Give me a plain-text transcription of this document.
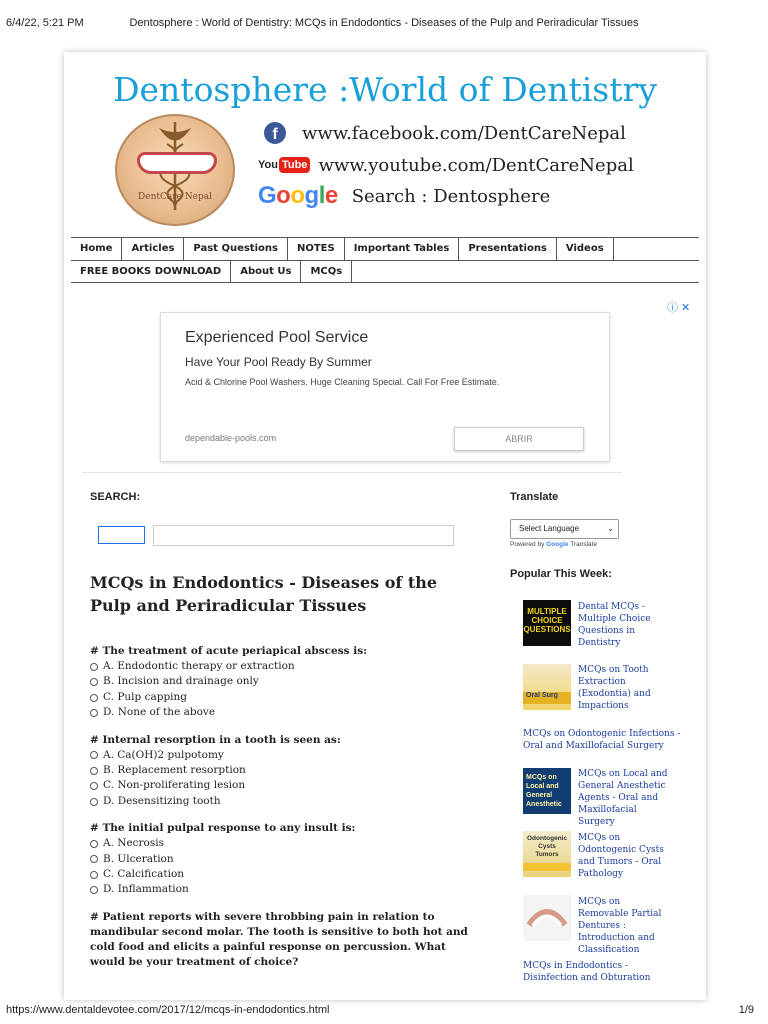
6/4/22, 5:21 PM	Dentosphere : World of Dentistry: MCQs in Endodontics - Diseases of the Pulp and Periradicular Tissues
Dentosphere :World of Dentistry
DentCare Nepal
f	www.facebook.com/DentCareNepal
You Tube www.youtube.com/DentCareNepal
Google Search : Dentosphere
Home	Articles	Past Questions	NOTES	Important Tables	Presentations	Videos
FREE BOOKS DOWNLOAD	About Us	MCQs
ⓘ ✕
Experienced Pool Service
Have Your Pool Ready By Summer
Acid & Chlorine Pool Washers. Huge Cleaning Special. Call For Free Estimate.
dependable-pools.com	ABRIR
SEARCH:
MCQs in Endodontics - Diseases of the Pulp and Periradicular Tissues
# The treatment of acute periapical abscess is:
A. Endodontic therapy or extraction
B. Incision and drainage only
C. Pulp capping
D. None of the above
# Internal resorption in a tooth is seen as:
A. Ca(OH)2 pulpotomy
B. Replacement resorption
C. Non-proliferating lesion
D. Desensitizing tooth
# The initial pulpal response to any insult is:
A. Necrosis
B. Ulceration
C. Calcification
D. Inflammation
# Patient reports with severe throbbing pain in relation to mandibular second molar. The tooth is sensitive to both hot and cold food and elicits a painful response on percussion. What would be your treatment of choice?
Translate
Select Language	⌄
Powered by Google Translate
Popular This Week:
MULTIPLE CHOICE QUESTIONS
Dental MCQs - Multiple Choice Questions in Dentistry
Oral Surg
MCQs on Tooth Extraction (Exodontia) and Impactions
MCQs on Odontogenic Infections - Oral and Maxillofacial Surgery
MCQs on Local and General Anesthetic
MCQs on Local and General Anesthetic Agents - Oral and Maxillofacial Surgery
Odontogenic Cysts Tumors
MCQs on Odontogenic Cysts and Tumors - Oral Pathology
MCQs on Removable Partial Dentures : Introduction and Classification
MCQs in Endodontics - Disinfection and Obturation
https://www.dentaldevotee.com/2017/12/mcqs-in-endodontics.html	1/9
